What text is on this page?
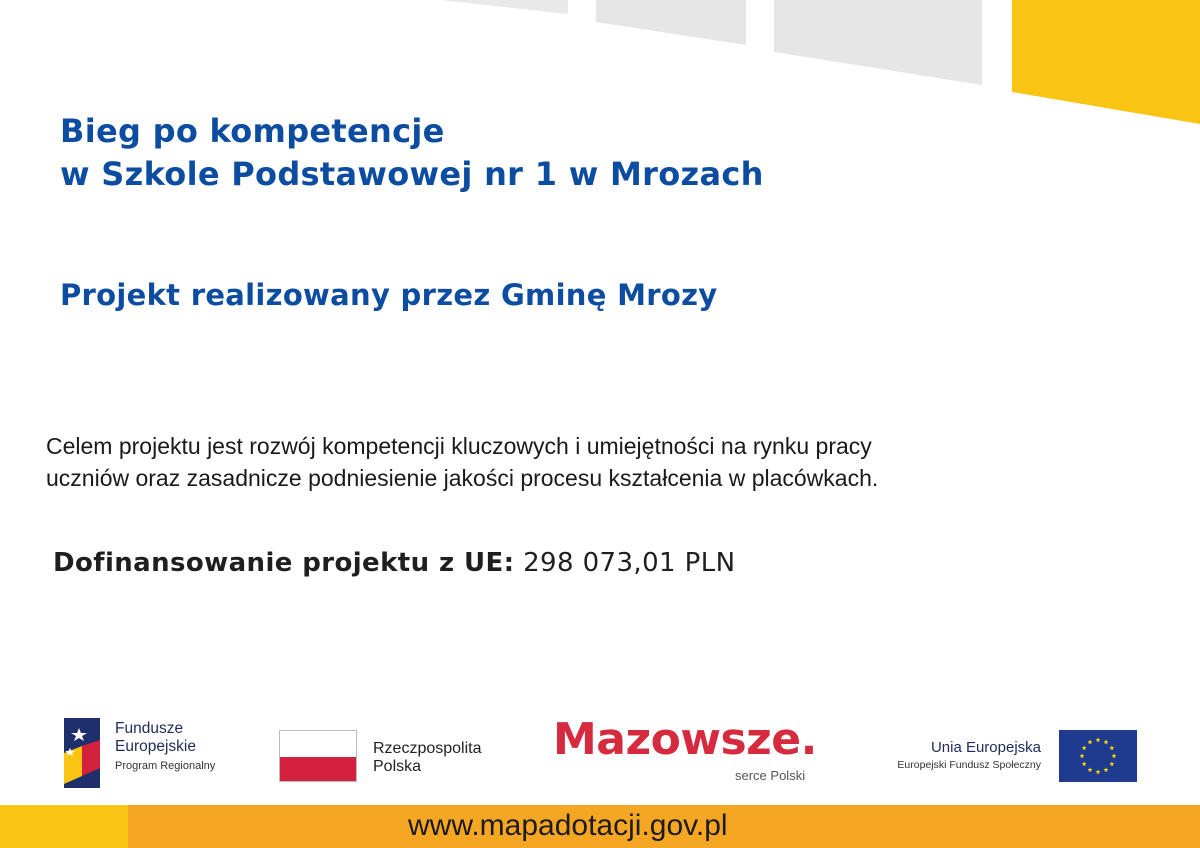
Bieg po kompetencje
w Szkole Podstawowej nr 1 w Mrozach
Projekt realizowany przez Gminę Mrozy

Celem projektu jest rozwój kompetencji kluczowych i umiejętności na rynku pracy
uczniów oraz zasadnicze podniesienie jakości procesu kształcenia w placówkach.

Dofinansowanie projektu z UE: 298 073,01 PLN

Fundusze
Europejskie
Program Regionalny
Rzeczpospolita
Polska
Mazowsze.
serce Polski
Unia Europejska
Europejski Fundusz Społeczny
www.mapadotacji.gov.pl
